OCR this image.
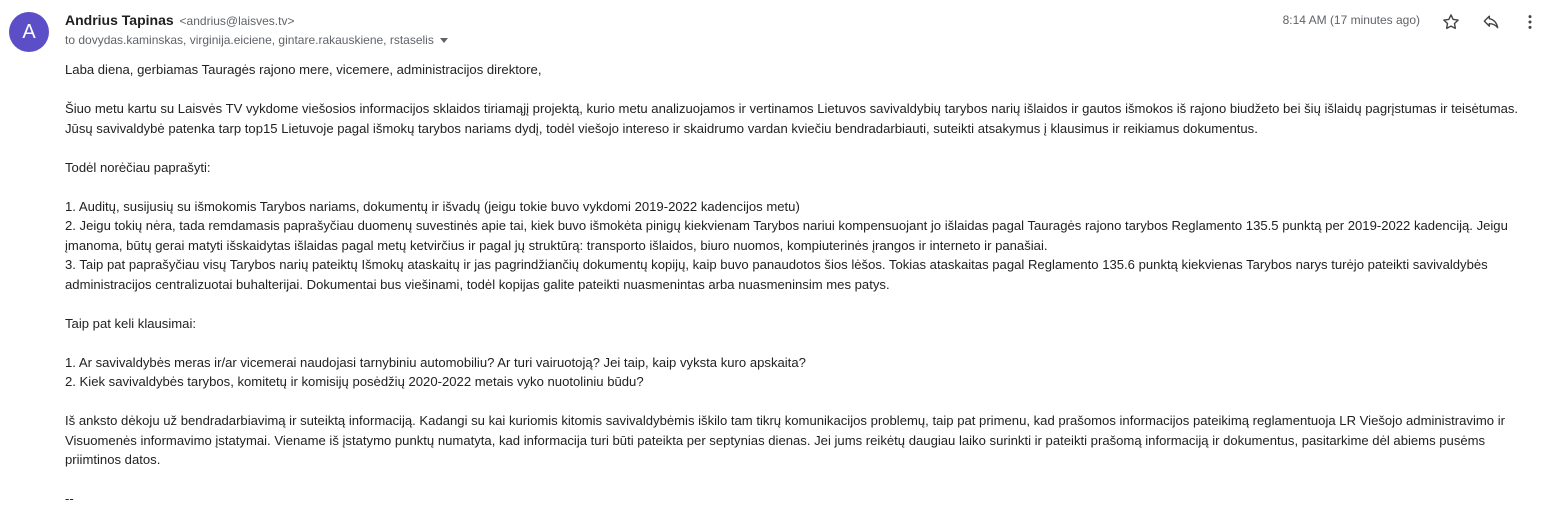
A
Andrius Tapinas <andrius@laisves.tv>
to dovydas.kaminskas, virginija.eiciene, gintare.rakauskiene, rstaselis
8:14 AM (17 minutes ago)

Laba diena, gerbiamas Tauragės rajono mere, vicemere, administracijos direktore,

Šiuo metu kartu su Laisvės TV vykdome viešosios informacijos sklaidos tiriamąjį projektą, kurio metu analizuojamos ir vertinamos Lietuvos savivaldybių tarybos narių išlaidos ir gautos išmokos iš rajono biudžeto bei šių išlaidų pagrįstumas ir teisėtumas. Jūsų savivaldybė patenka tarp top15 Lietuvoje pagal išmokų tarybos nariams dydį, todėl viešojo intereso ir skaidrumo vardan kviečiu bendradarbiauti, suteikti atsakymus į klausimus ir reikiamus dokumentus.

Todėl norėčiau paprašyti:

1. Auditų, susijusių su išmokomis Tarybos nariams, dokumentų ir išvadų (jeigu tokie buvo vykdomi 2019-2022 kadencijos metu)

2. Jeigu tokių nėra, tada remdamasis paprašyčiau duomenų suvestinės apie tai, kiek buvo išmokėta pinigų kiekvienam Tarybos nariui kompensuojant jo išlaidas pagal Tauragės rajono tarybos Reglamento 135.5 punktą per 2019-2022 kadenciją. Jeigu įmanoma, būtų gerai matyti išskaidytas išlaidas pagal metų ketvirčius ir pagal jų struktūrą: transporto išlaidos, biuro nuomos, kompiuterinės įrangos ir interneto ir panašiai.

3. Taip pat paprašyčiau visų Tarybos narių pateiktų Išmokų ataskaitų ir jas pagrindžiančių dokumentų kopijų, kaip buvo panaudotos šios lėšos. Tokias ataskaitas pagal Reglamento 135.6 punktą kiekvienas Tarybos narys turėjo pateikti savivaldybės administracijos centralizuotai buhalterijai. Dokumentai bus viešinami, todėl kopijas galite pateikti nuasmenintas arba nuasmeninsim mes patys.

Taip pat keli klausimai:

1. Ar savivaldybės meras ir/ar vicemerai naudojasi tarnybiniu automobiliu? Ar turi vairuotoją? Jei taip, kaip vyksta kuro apskaita?

2. Kiek savivaldybės tarybos, komitetų ir komisijų posėdžių 2020-2022 metais vyko nuotoliniu būdu?

Iš anksto dėkoju už bendradarbiavimą ir suteiktą informaciją. Kadangi su kai kuriomis kitomis savivaldybėmis iškilo tam tikrų komunikacijos problemų, taip pat primenu, kad prašomos informacijos pateikimą reglamentuoja LR Viešojo administravimo ir Visuomenės informavimo įstatymai. Viename iš įstatymo punktų numatyta, kad informacija turi būti pateikta per septynias dienas. Jei jums reikėtų daugiau laiko surinkti ir pateikti prašomą informaciją ir dokumentus, pasitarkime dėl abiems pusėms priimtinos datos.

--
